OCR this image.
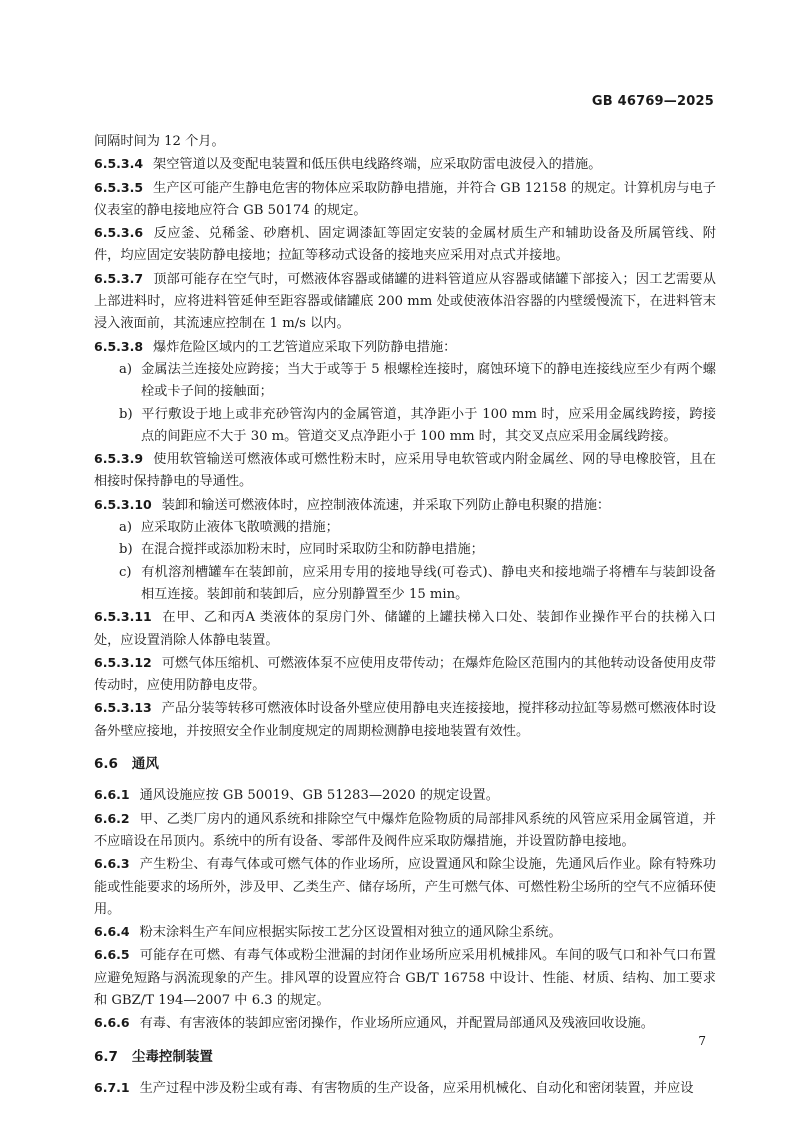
GB 46769—2025

间隔时间为 12 个月。

6.5.3.4 架空管道以及变配电装置和低压供电线路终端，应采取防雷电波侵入的措施。

6.5.3.5 生产区可能产生静电危害的物体应采取防静电措施，并符合 GB 12158 的规定。计算机房与电子仪表室的静电接地应符合 GB 50174 的规定。

6.5.3.6 反应釜、兑稀釜、砂磨机、固定调漆缸等固定安装的金属材质生产和辅助设备及所属管线、附件，均应固定安装防静电接地；拉缸等移动式设备的接地夹应采用对点式并接地。

6.5.3.7 顶部可能存在空气时，可燃液体容器或储罐的进料管道应从容器或储罐下部接入；因工艺需要从上部进料时，应将进料管延伸至距容器或储罐底 200 mm 处或使液体沿容器的内壁缓慢流下，在进料管末浸入液面前，其流速应控制在 1 m/s 以内。

6.5.3.8 爆炸危险区域内的工艺管道应采取下列防静电措施：

a) 金属法兰连接处应跨接；当大于或等于 5 根螺栓连接时，腐蚀环境下的静电连接线应至少有两个螺栓或卡子间的接触面；

b) 平行敷设于地上或非充砂管沟内的金属管道，其净距小于 100 mm 时，应采用金属线跨接，跨接点的间距应不大于 30 m。管道交叉点净距小于 100 mm 时，其交叉点应采用金属线跨接。

6.5.3.9 使用软管输送可燃液体或可燃性粉末时，应采用导电软管或内附金属丝、网的导电橡胶管，且在相接时保持静电的导通性。

6.5.3.10 装卸和输送可燃液体时，应控制液体流速，并采取下列防止静电积聚的措施：

a) 应采取防止液体飞散喷溅的措施；

b) 在混合搅拌或添加粉末时，应同时采取防尘和防静电措施；

c) 有机溶剂槽罐车在装卸前，应采用专用的接地导线(可卷式)、静电夹和接地端子将槽车与装卸设备相互连接。装卸前和装卸后，应分别静置至少 15 min。

6.5.3.11 在甲、乙和丙A 类液体的泵房门外、储罐的上罐扶梯入口处、装卸作业操作平台的扶梯入口处，应设置消除人体静电装置。

6.5.3.12 可燃气体压缩机、可燃液体泵不应使用皮带传动；在爆炸危险区范围内的其他转动设备使用皮带传动时，应使用防静电皮带。

6.5.3.13 产品分装等转移可燃液体时设备外壁应使用静电夹连接接地，搅拌移动拉缸等易燃可燃液体时设备外壁应接地，并按照安全作业制度规定的周期检测静电接地装置有效性。

6.6 通风

6.6.1 通风设施应按 GB 50019、GB 51283—2020 的规定设置。

6.6.2 甲、乙类厂房内的通风系统和排除空气中爆炸危险物质的局部排风系统的风管应采用金属管道，并不应暗设在吊顶内。系统中的所有设备、零部件及阀件应采取防爆措施，并设置防静电接地。

6.6.3 产生粉尘、有毒气体或可燃气体的作业场所，应设置通风和除尘设施，先通风后作业。除有特殊功能或性能要求的场所外，涉及甲、乙类生产、储存场所，产生可燃气体、可燃性粉尘场所的空气不应循环使用。

6.6.4 粉末涂料生产车间应根据实际按工艺分区设置相对独立的通风除尘系统。

6.6.5 可能存在可燃、有毒气体或粉尘泄漏的封闭作业场所应采用机械排风。车间的吸气口和补气口布置应避免短路与涡流现象的产生。排风罩的设置应符合 GB/T 16758 中设计、性能、材质、结构、加工要求和 GBZ/T 194—2007 中 6.3 的规定。

6.6.6 有毒、有害液体的装卸应密闭操作，作业场所应通风，并配置局部通风及残液回收设施。

6.7 尘毒控制装置

6.7.1 生产过程中涉及粉尘或有毒、有害物质的生产设备，应采用机械化、自动化和密闭装置，并应设

7
